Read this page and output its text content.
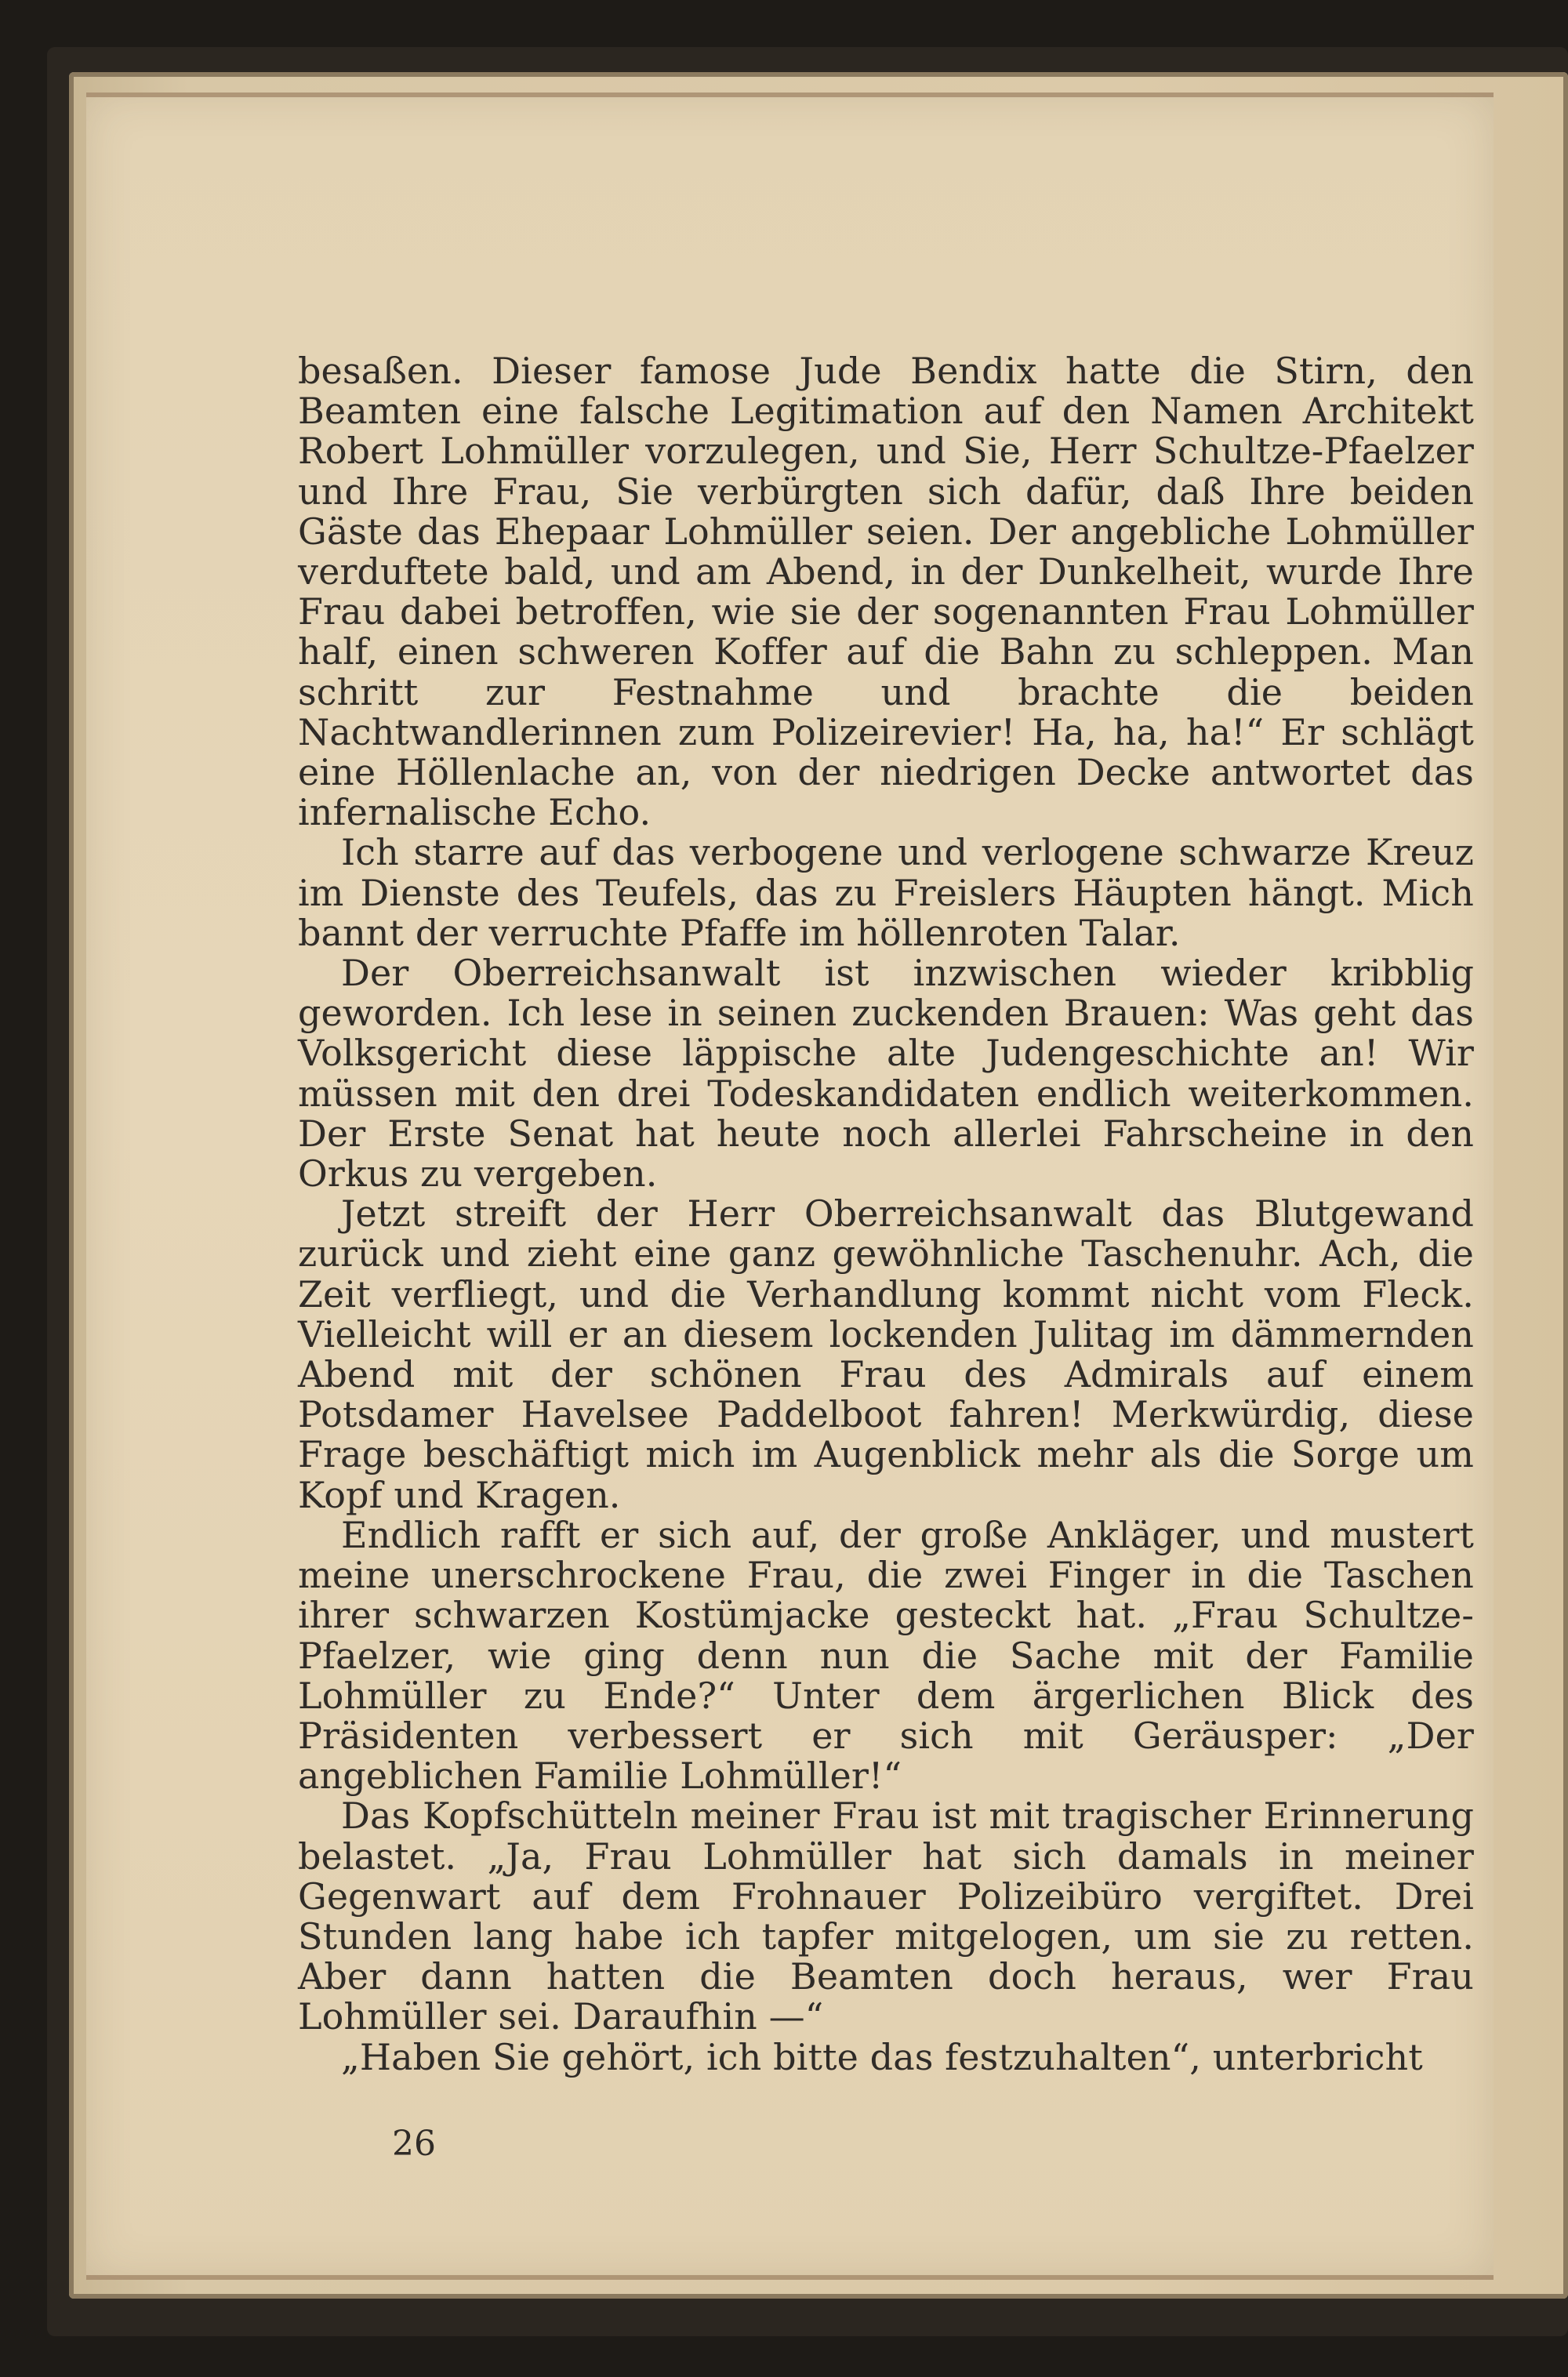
besaßen. Dieser famose Jude Bendix hatte die Stirn, den Beamten eine falsche Legitimation auf den Namen Architekt Robert Lohmüller vorzulegen, und Sie, Herr Schultze-Pfaelzer und Ihre Frau, Sie verbürgten sich dafür, daß Ihre beiden Gäste das Ehepaar Lohmüller seien. Der angebliche Lohmüller verduftete bald, und am Abend, in der Dunkelheit, wurde Ihre Frau dabei betroffen, wie sie der sogenannten Frau Lohmüller half, einen schweren Koffer auf die Bahn zu schleppen. Man schritt zur Festnahme und brachte die beiden Nachtwandlerinnen zum Polizeirevier! Ha, ha, ha!“ Er schlägt eine Höllenlache an, von der niedrigen Decke antwortet das infernalische Echo.

Ich starre auf das verbogene und verlogene schwarze Kreuz im Dienste des Teufels, das zu Freislers Häupten hängt. Mich bannt der verruchte Pfaffe im höllenroten Talar.

Der Oberreichsanwalt ist inzwischen wieder kribblig geworden. Ich lese in seinen zuckenden Brauen: Was geht das Volksgericht diese läppische alte Judengeschichte an! Wir müssen mit den drei Todeskandidaten endlich weiterkommen. Der Erste Senat hat heute noch allerlei Fahrscheine in den Orkus zu vergeben.

Jetzt streift der Herr Oberreichsanwalt das Blutgewand zurück und zieht eine ganz gewöhnliche Taschenuhr. Ach, die Zeit verfliegt, und die Verhandlung kommt nicht vom Fleck. Vielleicht will er an diesem lockenden Julitag im dämmernden Abend mit der schönen Frau des Admirals auf einem Potsdamer Havelsee Paddelboot fahren! Merkwürdig, diese Frage beschäftigt mich im Augenblick mehr als die Sorge um Kopf und Kragen.

Endlich rafft er sich auf, der große Ankläger, und mustert meine unerschrockene Frau, die zwei Finger in die Taschen ihrer schwarzen Kostümjacke gesteckt hat. „Frau Schultze-Pfaelzer, wie ging denn nun die Sache mit der Familie Lohmüller zu Ende?“ Unter dem ärgerlichen Blick des Präsidenten verbessert er sich mit Geräusper: „Der angeblichen Familie Lohmüller!“

Das Kopfschütteln meiner Frau ist mit tragischer Erinnerung belastet. „Ja, Frau Lohmüller hat sich damals in meiner Gegenwart auf dem Frohnauer Polizeibüro vergiftet. Drei Stunden lang habe ich tapfer mitgelogen, um sie zu retten. Aber dann hatten die Beamten doch heraus, wer Frau Lohmüller sei. Daraufhin —“

„Haben Sie gehört, ich bitte das festzuhalten“, unterbricht

26
